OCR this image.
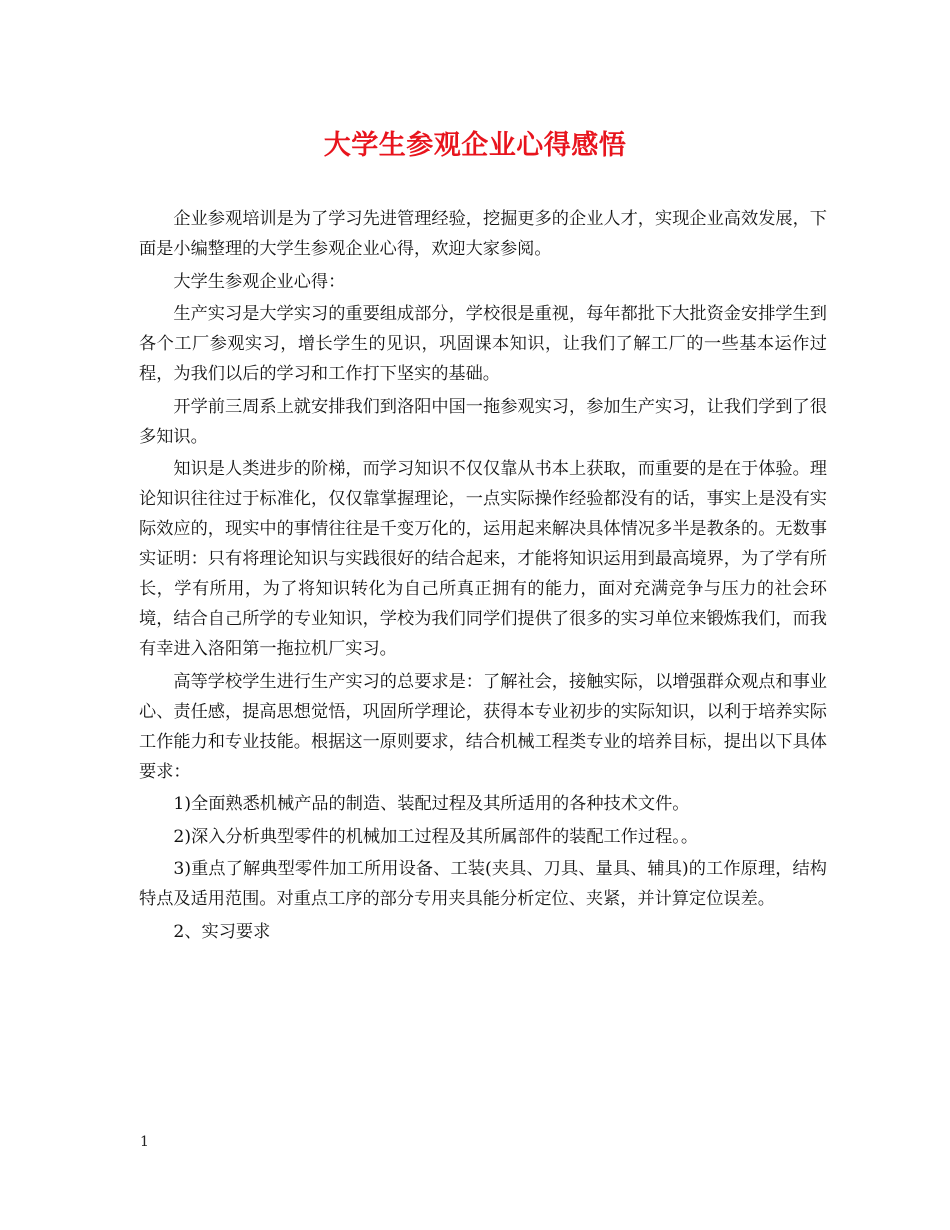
大学生参观企业心得感悟

企业参观培训是为了学习先进管理经验，挖掘更多的企业人才，实现企业高效发展，下面是小编整理的大学生参观企业心得，欢迎大家参阅。

大学生参观企业心得：

生产实习是大学实习的重要组成部分，学校很是重视，每年都批下大批资金安排学生到各个工厂参观实习，增长学生的见识，巩固课本知识，让我们了解工厂的一些基本运作过程，为我们以后的学习和工作打下坚实的基础。

开学前三周系上就安排我们到洛阳中国一拖参观实习，参加生产实习，让我们学到了很多知识。

知识是人类进步的阶梯，而学习知识不仅仅靠从书本上获取，而重要的是在于体验。理论知识往往过于标准化，仅仅靠掌握理论，一点实际操作经验都没有的话，事实上是没有实际效应的，现实中的事情往往是千变万化的，运用起来解决具体情况多半是教条的。无数事实证明：只有将理论知识与实践很好的结合起来，才能将知识运用到最高境界，为了学有所长，学有所用，为了将知识转化为自己所真正拥有的能力，面对充满竞争与压力的社会环境，结合自己所学的专业知识，学校为我们同学们提供了很多的实习单位来锻炼我们，而我有幸进入洛阳第一拖拉机厂实习。

高等学校学生进行生产实习的总要求是：了解社会，接触实际，以增强群众观点和事业心、责任感，提高思想觉悟，巩固所学理论，获得本专业初步的实际知识，以利于培养实际工作能力和专业技能。根据这一原则要求，结合机械工程类专业的培养目标，提出以下具体要求：

1)全面熟悉机械产品的制造、装配过程及其所适用的各种技术文件。

2)深入分析典型零件的机械加工过程及其所属部件的装配工作过程。。

3)重点了解典型零件加工所用设备、工装(夹具、刀具、量具、辅具)的工作原理，结构特点及适用范围。对重点工序的部分专用夹具能分析定位、夹紧，并计算定位误差。

2、实习要求

1
